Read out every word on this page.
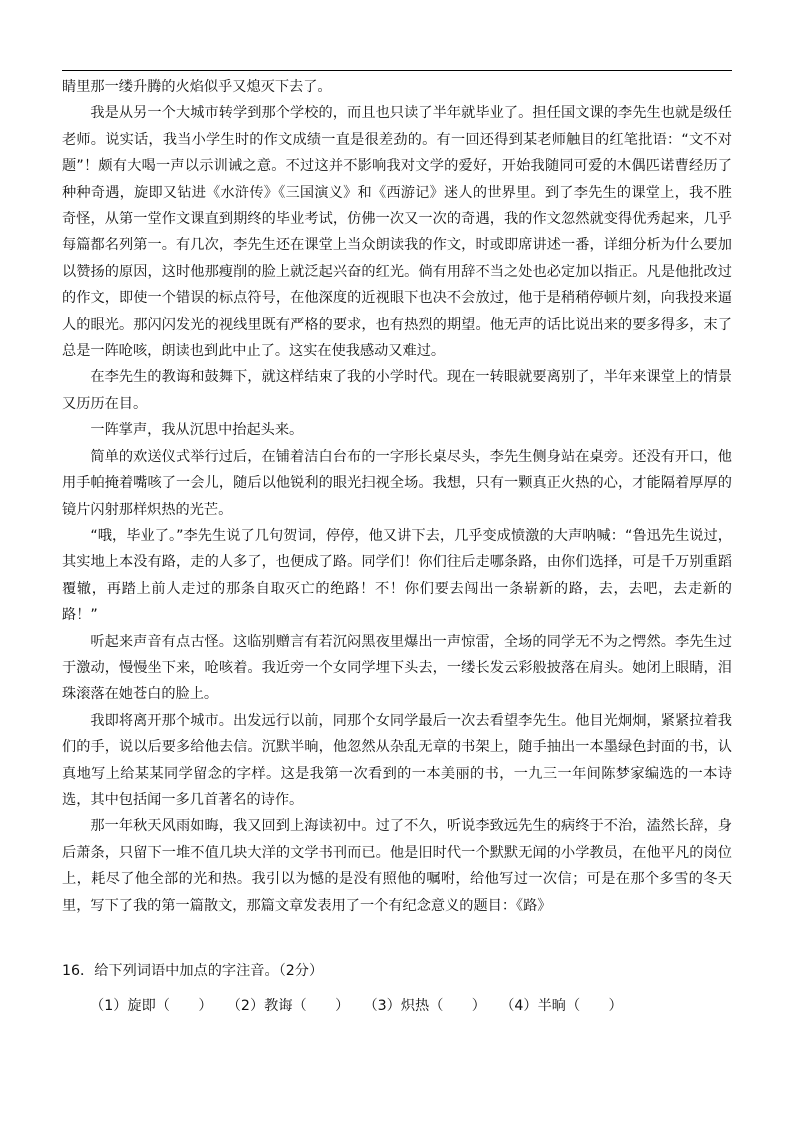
睛里那一缕升腾的火焰似乎又熄灭下去了。

我是从另一个大城市转学到那个学校的，而且也只读了半年就毕业了。担任国文课的李先生也就是级任老师。说实话，我当小学生时的作文成绩一直是很差劲的。有一回还得到某老师触目的红笔批语：“文不对题”！颇有大喝一声以示训诫之意。不过这并不影响我对文学的爱好，开始我随同可爱的木偶匹诺曹经历了种种奇遇，旋即又钻进《水浒传》《三国演义》和《西游记》迷人的世界里。到了李先生的课堂上，我不胜奇怪，从第一堂作文课直到期终的毕业考试，仿佛一次又一次的奇遇，我的作文忽然就变得优秀起来，几乎每篇都名列第一。有几次，李先生还在课堂上当众朗读我的作文，时或即席讲述一番，详细分析为什么要加以赞扬的原因，这时他那瘦削的脸上就泛起兴奋的红光。倘有用辞不当之处也必定加以指正。凡是他批改过的作文，即使一个错误的标点符号，在他深度的近视眼下也决不会放过，他于是稍稍停顿片刻，向我投来逼人的眼光。那闪闪发光的视线里既有严格的要求，也有热烈的期望。他无声的话比说出来的要多得多，末了总是一阵呛咳，朗读也到此中止了。这实在使我感动又难过。

在李先生的教诲和鼓舞下，就这样结束了我的小学时代。现在一转眼就要离别了，半年来课堂上的情景又历历在目。

一阵掌声，我从沉思中抬起头来。

简单的欢送仪式举行过后，在铺着洁白台布的一字形长桌尽头，李先生侧身站在桌旁。还没有开口，他用手帕掩着嘴咳了一会儿，随后以他锐利的眼光扫视全场。我想，只有一颗真正火热的心，才能隔着厚厚的镜片闪射那样炽热的光芒。

“哦，毕业了。”李先生说了几句贺词，停停，他又讲下去，几乎变成愤激的大声呐喊：“鲁迅先生说过，其实地上本没有路，走的人多了，也便成了路。同学们！你们往后走哪条路，由你们选择，可是千万别重蹈覆辙，再踏上前人走过的那条自取灭亡的绝路！不！你们要去闯出一条崭新的路，去，去吧，去走新的路！”

听起来声音有点古怪。这临别赠言有若沉闷黑夜里爆出一声惊雷，全场的同学无不为之愕然。李先生过于激动，慢慢坐下来，呛咳着。我近旁一个女同学埋下头去，一缕长发云彩般披落在肩头。她闭上眼睛，泪珠滚落在她苍白的脸上。

我即将离开那个城市。出发远行以前，同那个女同学最后一次去看望李先生。他目光炯炯，紧紧拉着我们的手，说以后要多给他去信。沉默半晌，他忽然从杂乱无章的书架上，随手抽出一本墨绿色封面的书，认真地写上给某某同学留念的字样。这是我第一次看到的一本美丽的书，一九三一年间陈梦家编选的一本诗选，其中包括闻一多几首著名的诗作。

那一年秋天风雨如晦，我又回到上海读初中。过了不久，听说李致远先生的病终于不治，溘然长辞，身后萧条，只留下一堆不值几块大洋的文学书刊而已。他是旧时代一个默默无闻的小学教员，在他平凡的岗位上，耗尽了他全部的光和热。我引以为憾的是没有照他的嘱咐，给他写过一次信；可是在那个多雪的冬天里，写下了我的第一篇散文，那篇文章发表用了一个有纪念意义的题目：《路》

16．给下列词语中加点的字注音。（2分）

（1）旋即（　　）　 （2）教诲（　　）　 （3）炽热（　　）　 （4）半晌（　　）
